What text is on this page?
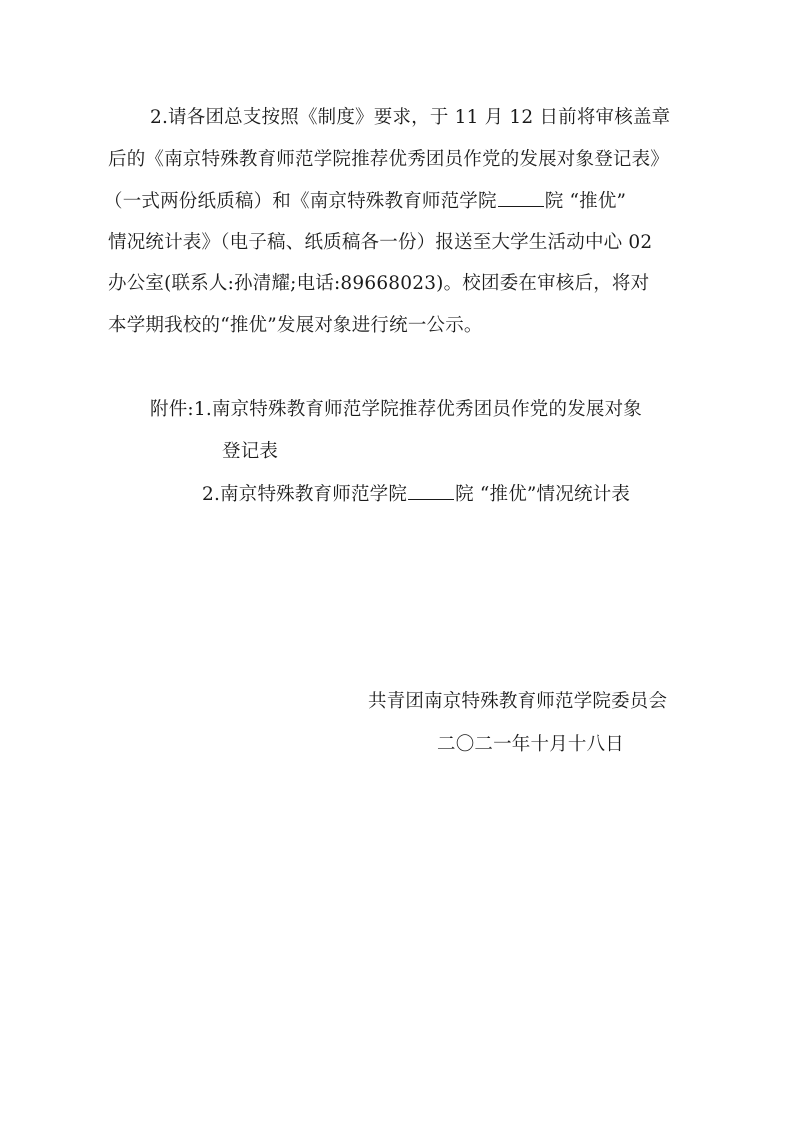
2.请各团总支按照《制度》要求，于 11 月 12 日前将审核盖章
后的《南京特殊教育师范学院推荐优秀团员作党的发展对象登记表》
（一式两份纸质稿）和《南京特殊教育师范学院	院 “推优”
情况统计表》（电子稿、纸质稿各一份）报送至大学生活动中心 02
办公室(联系人:孙清耀;电话:89668023)。校团委在审核后，将对
本学期我校的“推优”发展对象进行统一公示。
附件:1.南京特殊教育师范学院推荐优秀团员作党的发展对象
登记表
2.南京特殊教育师范学院	院 “推优”情况统计表
共青团南京特殊教育师范学院委员会
二〇二一年十月十八日
